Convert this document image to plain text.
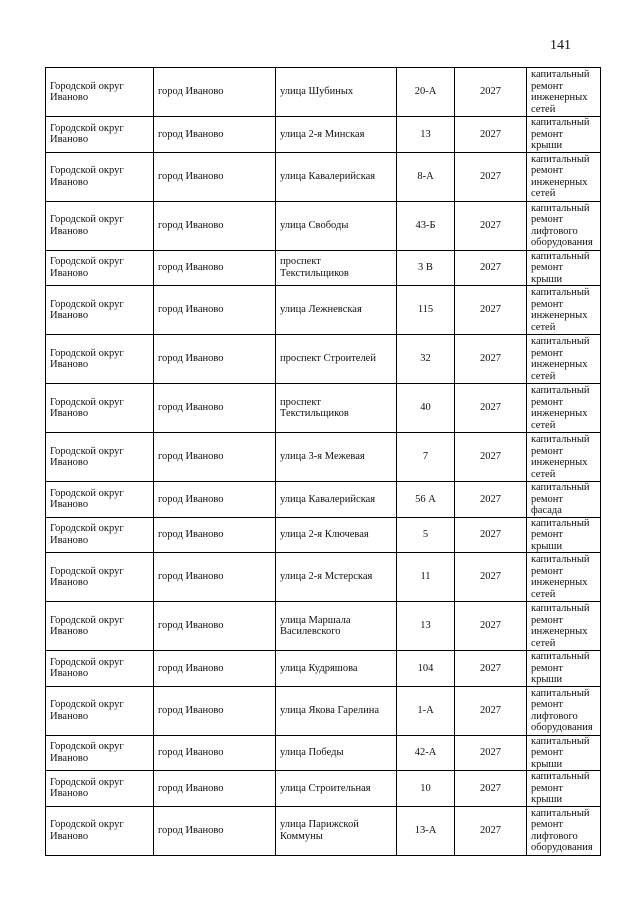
141
Городской округ Иваново	город Иваново	улица Шубиных	20-А	2027	капитальный ремонт инженерных сетей
Городской округ Иваново	город Иваново	улица 2-я Минская	13	2027	капитальный ремонт крыши
Городской округ Иваново	город Иваново	улица Кавалерийская	8-А	2027	капитальный ремонт инженерных сетей
Городской округ Иваново	город Иваново	улица Свободы	43-Б	2027	капитальный ремонт лифтового оборудования
Городской округ Иваново	город Иваново	проспект Текстильщиков	3 В	2027	капитальный ремонт крыши
Городской округ Иваново	город Иваново	улица Лежневская	115	2027	капитальный ремонт инженерных сетей
Городской округ Иваново	город Иваново	проспект Строителей	32	2027	капитальный ремонт инженерных сетей
Городской округ Иваново	город Иваново	проспект Текстильщиков	40	2027	капитальный ремонт инженерных сетей
Городской округ Иваново	город Иваново	улица 3-я Межевая	7	2027	капитальный ремонт инженерных сетей
Городской округ Иваново	город Иваново	улица Кавалерийская	56 А	2027	капитальный ремонт фасада
Городской округ Иваново	город Иваново	улица 2-я Ключевая	5	2027	капитальный ремонт крыши
Городской округ Иваново	город Иваново	улица 2-я Мстерская	11	2027	капитальный ремонт инженерных сетей
Городской округ Иваново	город Иваново	улица Маршала Василевского	13	2027	капитальный ремонт инженерных сетей
Городской округ Иваново	город Иваново	улица Кудряшова	104	2027	капитальный ремонт крыши
Городской округ Иваново	город Иваново	улица Якова Гарелина	1-А	2027	капитальный ремонт лифтового оборудования
Городской округ Иваново	город Иваново	улица Победы	42-А	2027	капитальный ремонт крыши
Городской округ Иваново	город Иваново	улица Строительная	10	2027	капитальный ремонт крыши
Городской округ Иваново	город Иваново	улица Парижской Коммуны	13-А	2027	капитальный ремонт лифтового оборудования
